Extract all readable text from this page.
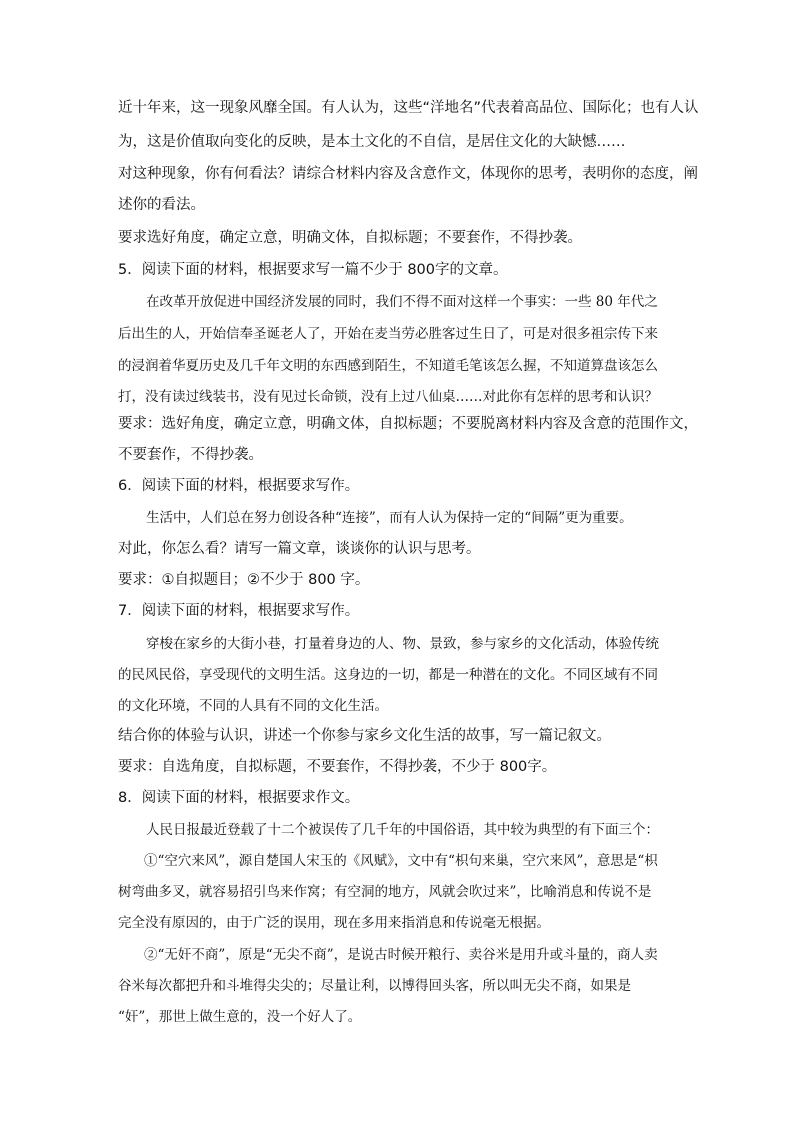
近十年来，这一现象风靡全国。有人认为，这些“洋地名”代表着高品位、国际化；也有人认
为，这是价值取向变化的反映，是本土文化的不自信，是居住文化的大缺憾……
对这种现象，你有何看法？请综合材料内容及含意作文，体现你的思考，表明你的态度，阐
述你的看法。
要求选好角度，确定立意，明确文体，自拟标题；不要套作，不得抄袭。
5．阅读下面的材料，根据要求写一篇不少于 800字的文章。
在改革开放促进中国经济发展的同时，我们不得不面对这样一个事实：一些 80 年代之
后出生的人，开始信奉圣诞老人了，开始在麦当劳必胜客过生日了，可是对很多祖宗传下来
的浸润着华夏历史及几千年文明的东西感到陌生，不知道毛笔该怎么握，不知道算盘该怎么
打，没有读过线装书，没有见过长命锁，没有上过八仙桌……对此你有怎样的思考和认识？
要求：选好角度，确定立意，明确文体，自拟标题；不要脱离材料内容及含意的范围作文，
不要套作，不得抄袭。
6．阅读下面的材料，根据要求写作。
生活中，人们总在努力创设各种“连接”，而有人认为保持一定的“间隔”更为重要。
对此，你怎么看？请写一篇文章，谈谈你的认识与思考。
要求：①自拟题目；②不少于 800 字。
7．阅读下面的材料，根据要求写作。
穿梭在家乡的大街小巷，打量着身边的人、物、景致，参与家乡的文化活动，体验传统
的民风民俗，享受现代的文明生活。这身边的一切，都是一种潜在的文化。不同区域有不同
的文化环境，不同的人具有不同的文化生活。
结合你的体验与认识，讲述一个你参与家乡文化生活的故事，写一篇记叙文。
要求：自选角度，自拟标题，不要套作，不得抄袭，不少于 800字。
8．阅读下面的材料，根据要求作文。
人民日报最近登载了十二个被误传了几千年的中国俗语，其中较为典型的有下面三个：
①“空穴来风”，源自楚国人宋玉的《风赋》，文中有“枳句来巢，空穴来风”，意思是“枳
树弯曲多叉，就容易招引鸟来作窝；有空洞的地方，风就会吹过来”，比喻消息和传说不是
完全没有原因的，由于广泛的误用，现在多用来指消息和传说毫无根据。
②“无奸不商”，原是“无尖不商”，是说古时候开粮行、卖谷米是用升或斗量的，商人卖
谷米每次都把升和斗堆得尖尖的；尽量让利，以博得回头客，所以叫无尖不商，如果是
“奸”，那世上做生意的，没一个好人了。
